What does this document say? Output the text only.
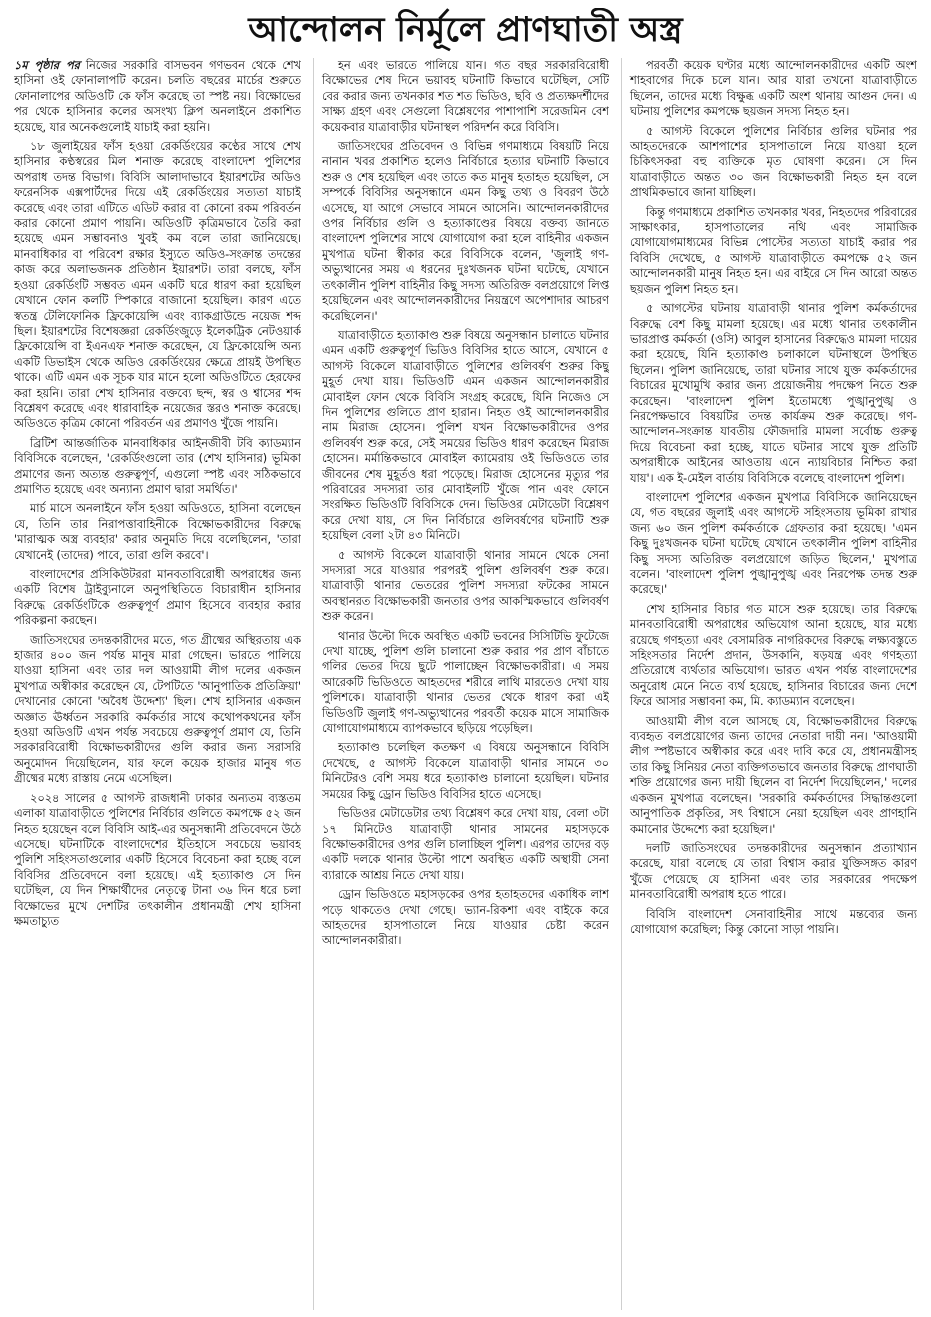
আন্দোলন নির্মূলে প্রাণঘাতী অস্ত্র

১ম পৃষ্ঠার পর নিজের সরকারি বাসভবন গণভবন থেকে শেখ হাসিনা ওই ফোনালাপটি করেন। চলতি বছরের মার্চের শুরুতে ফোনালাপের অডিওটি কে ফাঁস করেছে তা স্পষ্ট নয়। বিক্ষোভের পর থেকে হাসিনার কলের অসংখ্য ক্লিপ অনলাইনে প্রকাশিত হয়েছে, যার অনেকগুলোই যাচাই করা হয়নি।

১৮ জুলাইয়ের ফাঁস হওয়া রেকর্ডিংয়ের কণ্ঠের সাথে শেখ হাসিনার কণ্ঠস্বরের মিল শনাক্ত করেছে বাংলাদেশ পুলিশের অপরাধ তদন্ত বিভাগ। বিবিসি আলাদাভাবে ইয়ারশটের অডিও ফরেনসিক এক্সপার্টদের দিয়ে এই রেকর্ডিংয়ের সত্যতা যাচাই করেছে এবং তারা এটিতে এডিট করার বা কোনো রকম পরিবর্তন করার কোনো প্রমাণ পায়নি। অডিওটি কৃত্রিমভাবে তৈরি করা হয়েছে এমন সম্ভাবনাও খুবই কম বলে তারা জানিয়েছে। মানবাধিকার বা পরিবেশ রক্ষার ইস্যুতে অডিও-সংক্রান্ত তদন্তের কাজ করে অলাভজনক প্রতিষ্ঠান ইয়ারশট। তারা বলছে, ফাঁস হওয়া রেকর্ডিংটি সম্ভবত এমন একটি ঘরে ধারণ করা হয়েছিল যেখানে ফোন কলটি স্পিকারে বাজানো হয়েছিল। কারণ এতে স্বতন্ত্র টেলিফোনিক ফ্রিকোয়েন্সি এবং ব্যাকগ্রাউন্ডে নয়েজ শব্দ ছিল। ইয়ারশটের বিশেষজ্ঞরা রেকর্ডিংজুড়ে ইলেকট্রিক নেটওয়ার্ক ফ্রিকোয়েন্সি বা ইএনএফ শনাক্ত করেছেন, যে ফ্রিকোয়েন্সি অন্য একটি ডিভাইস থেকে অডিও রেকর্ডিংয়ের ক্ষেত্রে প্রায়ই উপস্থিত থাকে। এটি এমন এক সূচক যার মানে হলো অডিওটিতে হেরফের করা হয়নি। তারা শেখ হাসিনার বক্তব্যে ছন্দ, স্বর ও শ্বাসের শব্দ বিশ্লেষণ করেছে এবং ধারাবাহিক নয়েজের স্তরও শনাক্ত করেছে। অডিওতে কৃত্রিম কোনো পরিবর্তন এর প্রমাণও খুঁজে পায়নি।

ব্রিটিশ আন্তর্জাতিক মানবাধিকার আইনজীবী টবি ক্যাডম্যান বিবিসিকে বলেছেন, 'রেকর্ডিংগুলো তার (শেখ হাসিনার) ভূমিকা প্রমাণের জন্য অত্যন্ত গুরুত্বপূর্ণ, এগুলো স্পষ্ট এবং সঠিকভাবে প্রমাণিত হয়েছে এবং অন্যান্য প্রমাণ দ্বারা সমর্থিত।'

মার্চ মাসে অনলাইনে ফাঁস হওয়া অডিওতে, হাসিনা বলেছেন যে, তিনি তার নিরাপত্তাবাহিনীকে বিক্ষোভকারীদের বিরুদ্ধে 'মারাত্মক অস্ত্র ব্যবহার' করার অনুমতি দিয়ে বলেছিলেন, 'তারা যেখানেই (তাদের) পাবে, তারা গুলি করবে'।

বাংলাদেশের প্রসিকিউটররা মানবতাবিরোধী অপরাধের জন্য একটি বিশেষ ট্রাইব্যুনালে অনুপস্থিতিতে বিচারাধীন হাসিনার বিরুদ্ধে রেকর্ডিংটিকে গুরুত্বপূর্ণ প্রমাণ হিসেবে ব্যবহার করার পরিকল্পনা করছেন।

জাতিসংঘের তদন্তকারীদের মতে, গত গ্রীষ্মের অস্থিরতায় এক হাজার ৪০০ জন পর্যন্ত মানুষ মারা গেছেন। ভারতে পালিয়ে যাওয়া হাসিনা এবং তার দল আওয়ামী লীগ দলের একজন মুখপাত্র অস্বীকার করেছেন যে, টেপটিতে 'আনুপাতিক প্রতিক্রিয়া' দেখানোর কোনো 'অবৈধ উদ্দেশ্য' ছিল। শেখ হাসিনার একজন অজ্ঞাত ঊর্ধ্বতন সরকারি কর্মকর্তার সাথে কথোপকথনের ফাঁস হওয়া অডিওটি এখন পর্যন্ত সবচেয়ে গুরুত্বপূর্ণ প্রমাণ যে, তিনি সরকারবিরোধী বিক্ষোভকারীদের গুলি করার জন্য সরাসরি অনুমোদন দিয়েছিলেন, যার ফলে কয়েক হাজার মানুষ গত গ্রীষ্মের মধ্যে রাস্তায় নেমে এসেছিল।

২০২৪ সালের ৫ আগস্ট রাজধানী ঢাকার অন্যতম ব্যস্ততম এলাকা যাত্রাবাড়ীতে পুলিশের নির্বিচার গুলিতে কমপক্ষে ৫২ জন নিহত হয়েছেন বলে বিবিসি আই-এর অনুসন্ধানী প্রতিবেদনে উঠে এসেছে। ঘটনাটিকে বাংলাদেশের ইতিহাসে সবচেয়ে ভয়াবহ পুলিশি সহিংসতাগুলোর একটি হিসেবে বিবেচনা করা হচ্ছে বলে বিবিসির প্রতিবেদনে বলা হয়েছে। এই হত্যাকাণ্ড সে দিন ঘটেছিল, যে দিন শিক্ষার্থীদের নেতৃত্বে টানা ৩৬ দিন ধরে চলা বিক্ষোভের মুখে দেশটির তৎকালীন প্রধানমন্ত্রী শেখ হাসিনা ক্ষমতাচ্যুত

হন এবং ভারতে পালিয়ে যান। গত বছর সরকারবিরোধী বিক্ষোভের শেষ দিনে ভয়াবহ ঘটনাটি কিভাবে ঘটেছিল, সেটি বের করার জন্য তখনকার শত শত ভিডিও, ছবি ও প্রত্যক্ষদর্শীদের সাক্ষ্য গ্রহণ এবং সেগুলো বিশ্লেষণের পাশাপাশি সরেজমিন বেশ কয়েকবার যাত্রাবাড়ীর ঘটনাস্থল পরিদর্শন করে বিবিসি।

জাতিসংঘের প্রতিবেদন ও বিভিন্ন গণমাধ্যমে বিষয়টি নিয়ে নানান খবর প্রকাশিত হলেও নির্বিচারে হত্যার ঘটনাটি কিভাবে শুরু ও শেষ হয়েছিল এবং তাতে কত মানুষ হতাহত হয়েছিল, সে সম্পর্কে বিবিসির অনুসন্ধানে এমন কিছু তথ্য ও বিবরণ উঠে এসেছে, যা আগে সেভাবে সামনে আসেনি। আন্দোলনকারীদের ওপর নির্বিচার গুলি ও হত্যাকাণ্ডের বিষয়ে বক্তব্য জানতে বাংলাদেশ পুলিশের সাথে যোগাযোগ করা হলে বাহিনীর একজন মুখপাত্র ঘটনা স্বীকার করে বিবিসিকে বলেন, 'জুলাই গণ-অভ্যুত্থানের সময় এ ধরনের দুঃখজনক ঘটনা ঘটেছে, যেখানে তৎকালীন পুলিশ বাহিনীর কিছু সদস্য অতিরিক্ত বলপ্রয়োগে লিপ্ত হয়েছিলেন এবং আন্দোলনকারীদের নিয়ন্ত্রণে অপেশাদার আচরণ করেছিলেন।'

যাত্রাবাড়ীতে হত্যাকাণ্ড শুরু বিষয়ে অনুসন্ধান চালাতে ঘটনার এমন একটি গুরুত্বপূর্ণ ভিডিও বিবিসির হাতে আসে, যেখানে ৫ আগস্ট বিকেলে যাত্রাবাড়ীতে পুলিশের গুলিবর্ষণ শুরুর কিছু মুহূর্ত দেখা যায়। ভিডিওটি এমন একজন আন্দোলনকারীর মোবাইল ফোন থেকে বিবিসি সংগ্রহ করেছে, যিনি নিজেও সে দিন পুলিশের গুলিতে প্রাণ হারান। নিহত ওই আন্দোলনকারীর নাম মিরাজ হোসেন। পুলিশ যখন বিক্ষোভকারীদের ওপর গুলিবর্ষণ শুরু করে, সেই সময়ের ভিডিও ধারণ করেছেন মিরাজ হোসেন। মর্মান্তিকভাবে মোবাইল ক্যামেরায় ওই ভিডিওতে তার জীবনের শেষ মুহূর্তও ধরা পড়েছে। মিরাজ হোসেনের মৃত্যুর পর পরিবারের সদস্যরা তার মোবাইলটি খুঁজে পান এবং ফোনে সংরক্ষিত ভিডিওটি বিবিসিকে দেন। ভিডিওর মেটাডেটা বিশ্লেষণ করে দেখা যায়, সে দিন নির্বিচারে গুলিবর্ষণের ঘটনাটি শুরু হয়েছিল বেলা ২টা ৪৩ মিনিটে।

৫ আগস্ট বিকেলে যাত্রাবাড়ী থানার সামনে থেকে সেনা সদস্যরা সরে যাওয়ার পরপরই পুলিশ গুলিবর্ষণ শুরু করে। যাত্রাবাড়ী থানার ভেতরের পুলিশ সদস্যরা ফটকের সামনে অবস্থানরত বিক্ষোভকারী জনতার ওপর আকস্মিকভাবে গুলিবর্ষণ শুরু করেন।

থানার উল্টো দিকে অবস্থিত একটি ভবনের সিসিটিভি ফুটেজে দেখা যাচ্ছে, পুলিশ গুলি চালানো শুরু করার পর প্রাণ বাঁচাতে গলির ভেতর দিয়ে ছুটে পালাচ্ছেন বিক্ষোভকারীরা। এ সময় আরেকটি ভিডিওতে আহতদের শরীরে লাথি মারতেও দেখা যায় পুলিশকে। যাত্রাবাড়ী থানার ভেতর থেকে ধারণ করা এই ভিডিওটি জুলাই গণ-অভ্যুত্থানের পরবর্তী কয়েক মাসে সামাজিক যোগাযোগমাধ্যমে ব্যাপকভাবে ছড়িয়ে পড়েছিল।

হত্যাকাণ্ড চলেছিল কতক্ষণ এ বিষয়ে অনুসন্ধানে বিবিসি দেখেছে, ৫ আগস্ট বিকেলে যাত্রাবাড়ী থানার সামনে ৩০ মিনিটেরও বেশি সময় ধরে হত্যাকাণ্ড চালানো হয়েছিল। ঘটনার সময়ের কিছু ড্রোন ভিডিও বিবিসির হাতে এসেছে।

ভিডিওর মেটাডেটার তথ্য বিশ্লেষণ করে দেখা যায়, বেলা ৩টা ১৭ মিনিটেও যাত্রাবাড়ী থানার সামনের মহাসড়কে বিক্ষোভকারীদের ওপর গুলি চালাচ্ছিল পুলিশ। এরপর তাদের বড় একটি দলকে থানার উল্টো পাশে অবস্থিত একটি অস্থায়ী সেনা ব্যারাকে আশ্রয় নিতে দেখা যায়।

ড্রোন ভিডিওতে মহাসড়কের ওপর হতাহতদের একাধিক লাশ পড়ে থাকতেও দেখা গেছে। ভ্যান-রিকশা এবং বাইকে করে আহতদের হাসপাতালে নিয়ে যাওয়ার চেষ্টা করেন আন্দোলনকারীরা।

পরবর্তী কয়েক ঘণ্টার মধ্যে আন্দোলনকারীদের একটি অংশ শাহবাগের দিকে চলে যান। আর যারা তখনো যাত্রাবাড়ীতে ছিলেন, তাদের মধ্যে বিক্ষুব্ধ একটি অংশ থানায় আগুন দেন। এ ঘটনায় পুলিশের কমপক্ষে ছয়জন সদস্য নিহত হন।

৫ আগস্ট বিকেলে পুলিশের নির্বিচার গুলির ঘটনার পর আহতদেরকে আশপাশের হাসপাতালে নিয়ে যাওয়া হলে চিকিৎসকরা বহু ব্যক্তিকে মৃত ঘোষণা করেন। সে দিন যাত্রাবাড়ীতে অন্তত ৩০ জন বিক্ষোভকারী নিহত হন বলে প্রাথমিকভাবে জানা যাচ্ছিল।

কিন্তু গণমাধ্যমে প্রকাশিত তখনকার খবর, নিহতদের পরিবারের সাক্ষাৎকার, হাসপাতালের নথি এবং সামাজিক যোগাযোগমাধ্যমের বিভিন্ন পোস্টের সত্যতা যাচাই করার পর বিবিসি দেখেছে, ৫ আগস্ট যাত্রাবাড়ীতে কমপক্ষে ৫২ জন আন্দোলনকারী মানুষ নিহত হন। এর বাইরে সে দিন আরো অন্তত ছয়জন পুলিশ নিহত হন।

৫ আগস্টের ঘটনায় যাত্রাবাড়ী থানার পুলিশ কর্মকর্তাদের বিরুদ্ধে বেশ কিছু মামলা হয়েছে। এর মধ্যে থানার তৎকালীন ভারপ্রাপ্ত কর্মকর্তা (ওসি) আবুল হাসানের বিরুদ্ধেও মামলা দায়ের করা হয়েছে, যিনি হত্যাকাণ্ড চলাকালে ঘটনাস্থলে উপস্থিত ছিলেন। পুলিশ জানিয়েছে, তারা ঘটনার সাথে যুক্ত কর্মকর্তাদের বিচারের মুখোমুখি করার জন্য প্রয়োজনীয় পদক্ষেপ নিতে শুরু করেছেন। 'বাংলাদেশ পুলিশ ইতোমধ্যে পুঙ্খানুপুঙ্খ ও নিরপেক্ষভাবে বিষয়টির তদন্ত কার্যক্রম শুরু করেছে। গণ-আন্দোলন-সংক্রান্ত যাবতীয় ফৌজদারি মামলা সর্বোচ্চ গুরুত্ব দিয়ে বিবেচনা করা হচ্ছে, যাতে ঘটনার সাথে যুক্ত প্রতিটি অপরাধীকে আইনের আওতায় এনে ন্যায়বিচার নিশ্চিত করা যায়'। এক ই-মেইল বার্তায় বিবিসিকে বলেছে বাংলাদেশ পুলিশ।

বাংলাদেশ পুলিশের একজন মুখপাত্র বিবিসিকে জানিয়েছেন যে, গত বছরের জুলাই এবং আগস্টে সহিংসতায় ভূমিকা রাখার জন্য ৬০ জন পুলিশ কর্মকর্তাকে গ্রেফতার করা হয়েছে। 'এমন কিছু দুঃখজনক ঘটনা ঘটেছে যেখানে তৎকালীন পুলিশ বাহিনীর কিছু সদস্য অতিরিক্ত বলপ্রয়োগে জড়িত ছিলেন,' মুখপাত্র বলেন। 'বাংলাদেশ পুলিশ পুঙ্খানুপুঙ্খ এবং নিরপেক্ষ তদন্ত শুরু করেছে।'

শেখ হাসিনার বিচার গত মাসে শুরু হয়েছে। তার বিরুদ্ধে মানবতাবিরোধী অপরাধের অভিযোগ আনা হয়েছে, যার মধ্যে রয়েছে গণহত্যা এবং বেসামরিক নাগরিকদের বিরুদ্ধে লক্ষ্যবস্তুতে সহিংসতার নির্দেশ প্রদান, উসকানি, ষড়যন্ত্র এবং গণহত্যা প্রতিরোধে ব্যর্থতার অভিযোগ। ভারত এখন পর্যন্ত বাংলাদেশের অনুরোধ মেনে নিতে ব্যর্থ হয়েছে, হাসিনার বিচারের জন্য দেশে ফিরে আসার সম্ভাবনা কম, মি. ক্যাডম্যান বলেছেন।

আওয়ামী লীগ বলে আসছে যে, বিক্ষোভকারীদের বিরুদ্ধে ব্যবহৃত বলপ্রয়োগের জন্য তাদের নেতারা দায়ী নন। 'আওয়ামী লীগ স্পষ্টভাবে অস্বীকার করে এবং দাবি করে যে, প্রধানমন্ত্রীসহ তার কিছু সিনিয়র নেতা ব্যক্তিগতভাবে জনতার বিরুদ্ধে প্রাণঘাতী শক্তি প্রয়োগের জন্য দায়ী ছিলেন বা নির্দেশ দিয়েছিলেন,' দলের একজন মুখপাত্র বলেছেন। 'সরকারি কর্মকর্তাদের সিদ্ধান্তগুলো আনুপাতিক প্রকৃতির, সৎ বিশ্বাসে নেয়া হয়েছিল এবং প্রাণহানি কমানোর উদ্দেশ্যে করা হয়েছিল।'

দলটি জাতিসংঘের তদন্তকারীদের অনুসন্ধান প্রত্যাখ্যান করেছে, যারা বলেছে যে তারা বিশ্বাস করার যুক্তিসঙ্গত কারণ খুঁজে পেয়েছে যে হাসিনা এবং তার সরকারের পদক্ষেপ মানবতাবিরোধী অপরাধ হতে পারে।

বিবিসি বাংলাদেশ সেনাবাহিনীর সাথে মন্তব্যের জন্য যোগাযোগ করেছিল; কিন্তু কোনো সাড়া পায়নি।
